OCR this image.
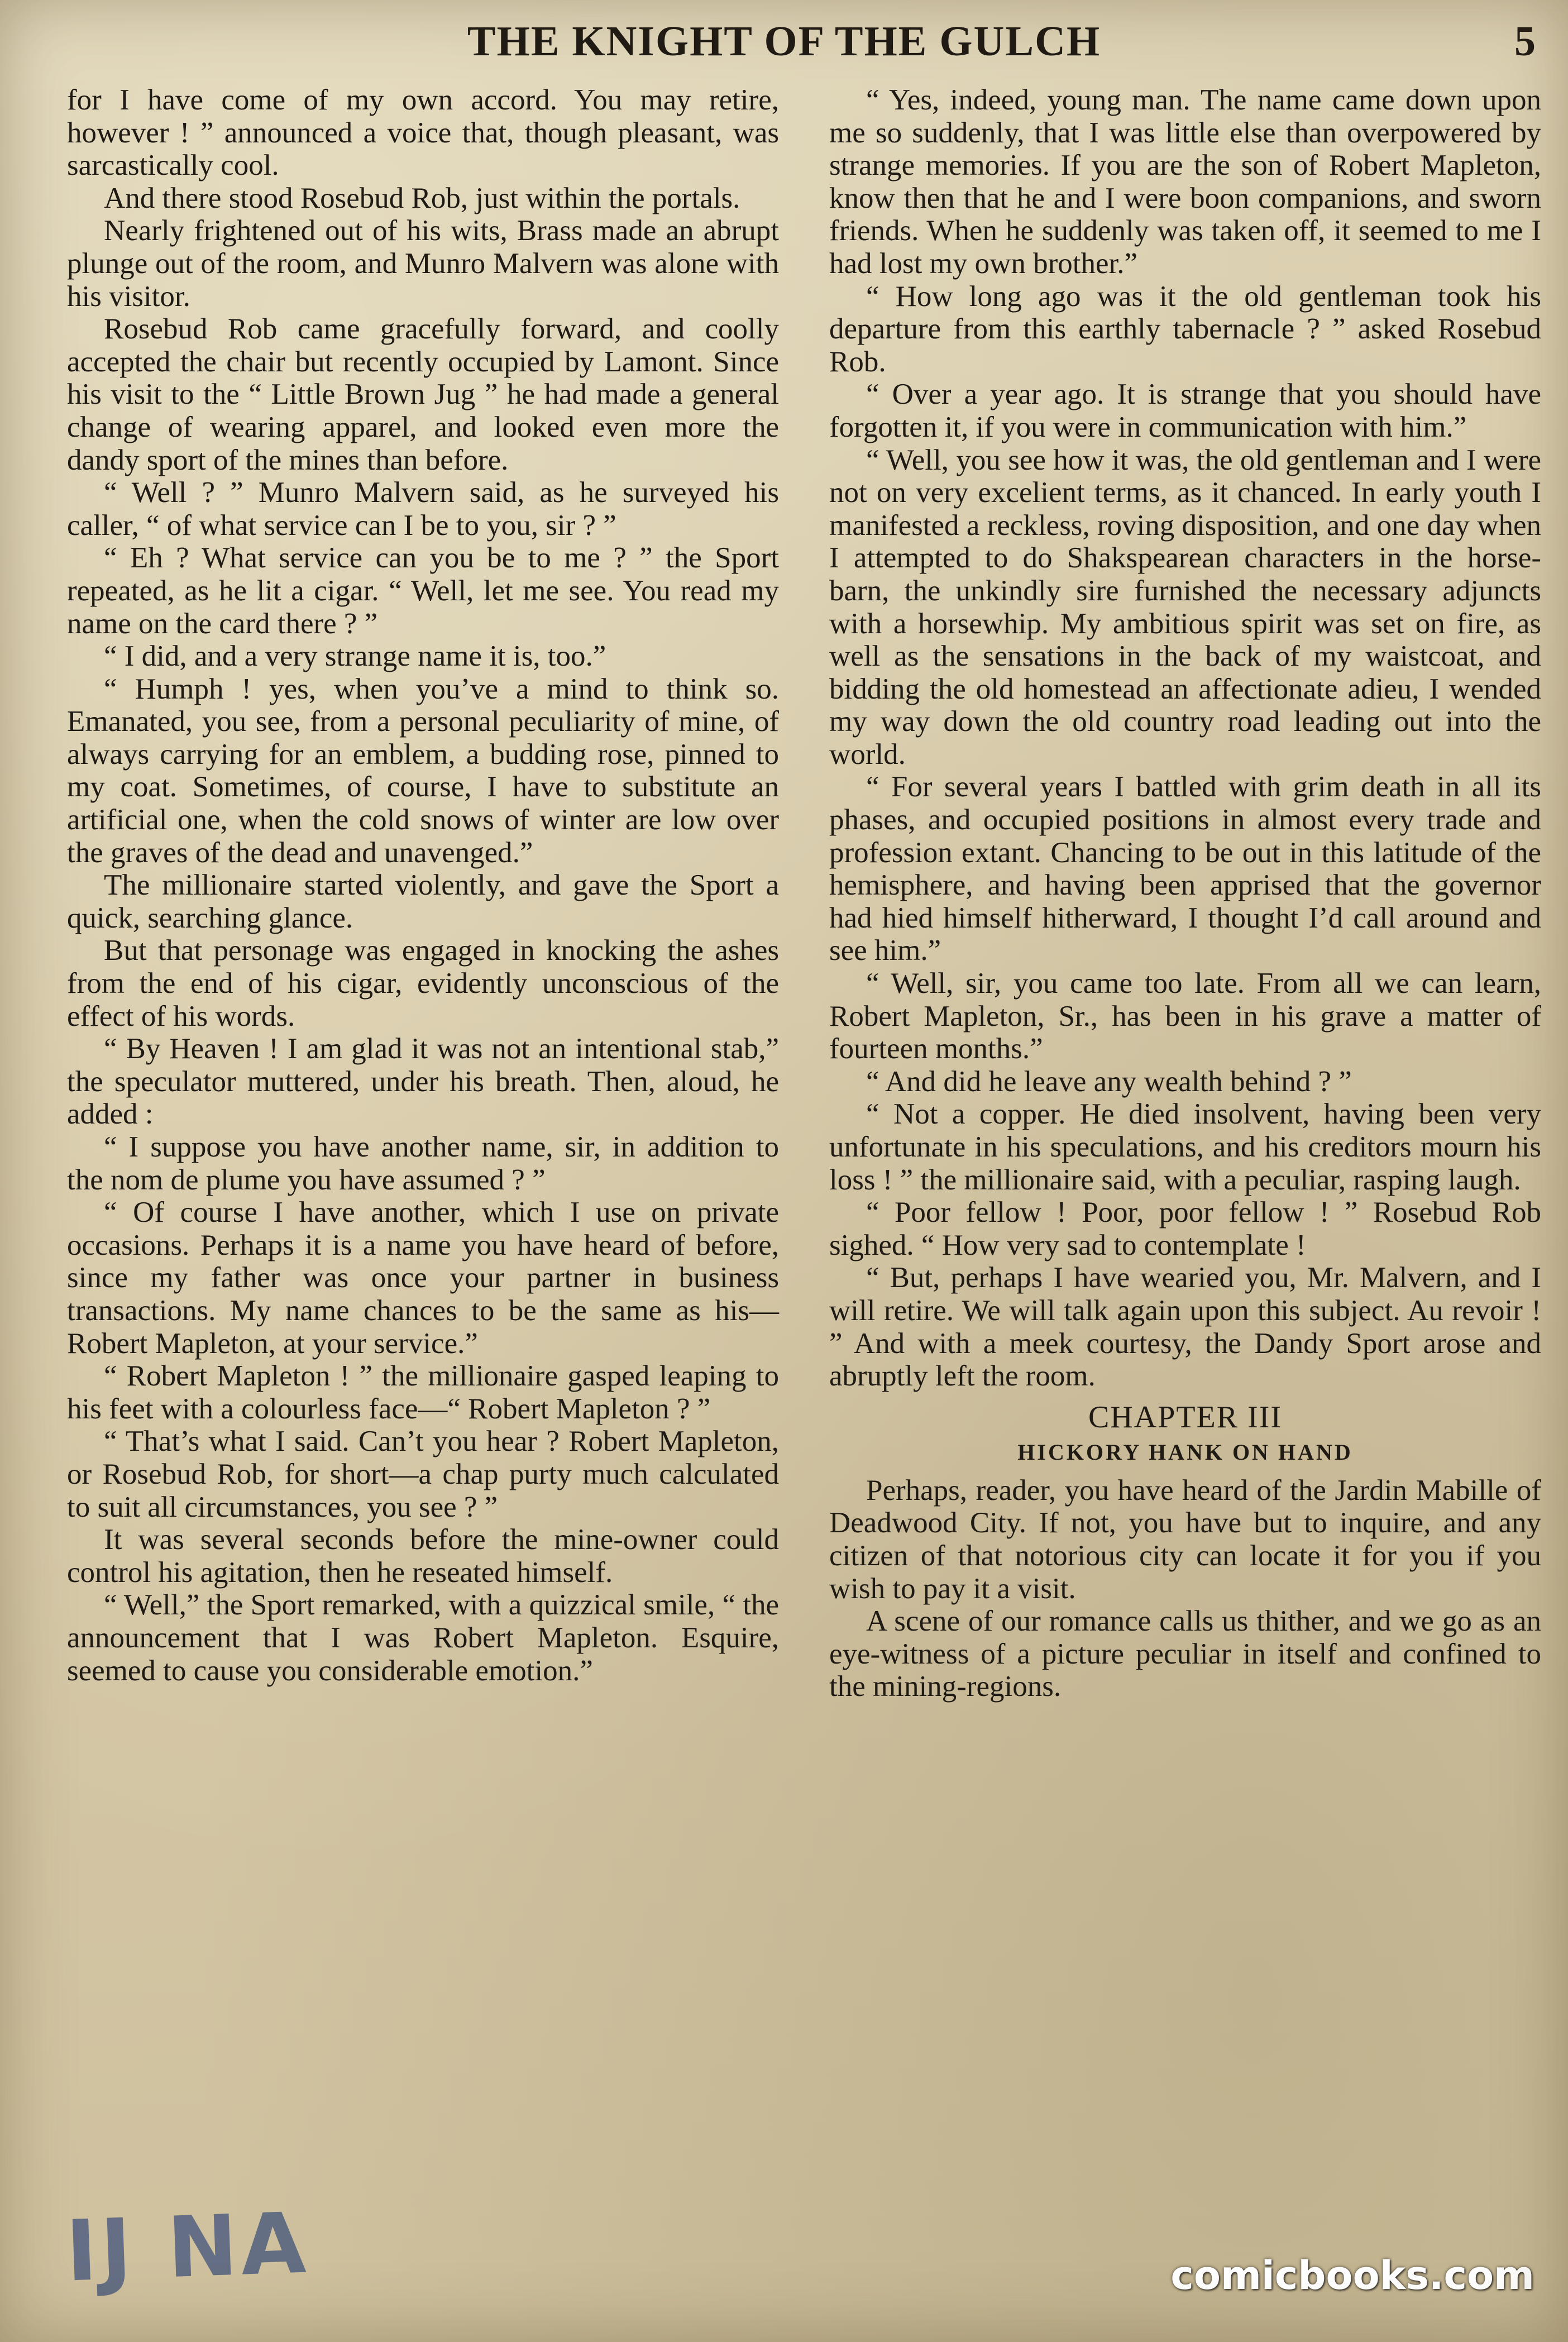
THE KNIGHT OF THE GULCH	5

for I have come of my own accord. You may retire, however ! ” announced a voice that, though pleasant, was sarcastically cool.

And there stood Rosebud Rob, just within the portals.

Nearly frightened out of his wits, Brass made an abrupt plunge out of the room, and Munro Malvern was alone with his visitor.

Rosebud Rob came gracefully forward, and coolly accepted the chair but recently occupied by Lamont. Since his visit to the “ Little Brown Jug ” he had made a general change of wearing apparel, and looked even more the dandy sport of the mines than before.

“ Well ? ” Munro Malvern said, as he surveyed his caller, “ of what service can I be to you, sir ? ”

“ Eh ? What service can you be to me ? ” the Sport repeated, as he lit a cigar. “ Well, let me see. You read my name on the card there ? ”

“ I did, and a very strange name it is, too.”

“ Humph ! yes, when you’ve a mind to think so. Emanated, you see, from a personal peculiarity of mine, of always carrying for an emblem, a budding rose, pinned to my coat. Sometimes, of course, I have to substitute an artificial one, when the cold snows of winter are low over the graves of the dead and unavenged.”

The millionaire started violently, and gave the Sport a quick, searching glance.

But that personage was engaged in knocking the ashes from the end of his cigar, evidently unconscious of the effect of his words.

“ By Heaven ! I am glad it was not an intentional stab,” the speculator muttered, under his breath. Then, aloud, he added :

“ I suppose you have another name, sir, in addition to the nom de plume you have assumed ? ”

“ Of course I have another, which I use on private occasions. Perhaps it is a name you have heard of before, since my father was once your partner in business transactions. My name chances to be the same as his—Robert Mapleton, at your service.”

“ Robert Mapleton ! ” the millionaire gasped leaping to his feet with a colourless face—“ Robert Mapleton ? ”

“ That’s what I said. Can’t you hear ? Robert Mapleton, or Rosebud Rob, for short—a chap purty much calculated to suit all circumstances, you see ? ”

It was several seconds before the mine-owner could control his agitation, then he reseated himself.

“ Well,” the Sport remarked, with a quizzical smile, “ the announcement that I was Robert Mapleton. Esquire, seemed to cause you considerable emotion.”

“ Yes, indeed, young man. The name came down upon me so suddenly, that I was little else than overpowered by strange memories. If you are the son of Robert Mapleton, know then that he and I were boon companions, and sworn friends. When he suddenly was taken off, it seemed to me I had lost my own brother.”

“ How long ago was it the old gentleman took his departure from this earthly tabernacle ? ” asked Rosebud Rob.

“ Over a year ago. It is strange that you should have forgotten it, if you were in communication with him.”

“ Well, you see how it was, the old gentleman and I were not on very excelient terms, as it chanced. In early youth I manifested a reckless, roving disposition, and one day when I attempted to do Shakspearean characters in the horse-barn, the unkindly sire furnished the necessary adjuncts with a horsewhip. My ambitious spirit was set on fire, as well as the sensations in the back of my waistcoat, and bidding the old homestead an affectionate adieu, I wended my way down the old country road leading out into the world.

“ For several years I battled with grim death in all its phases, and occupied positions in almost every trade and profession extant. Chancing to be out in this latitude of the hemisphere, and having been apprised that the governor had hied himself hitherward, I thought I’d call around and see him.”

“ Well, sir, you came too late. From all we can learn, Robert Mapleton, Sr., has been in his grave a matter of fourteen months.”

“ And did he leave any wealth behind ? ”

“ Not a copper. He died insolvent, having been very unfortunate in his speculations, and his creditors mourn his loss ! ” the millionaire said, with a peculiar, rasping laugh.

“ Poor fellow ! Poor, poor fellow ! ” Rosebud Rob sighed. “ How very sad to contemplate !

“ But, perhaps I have wearied you, Mr. Malvern, and I will retire. We will talk again upon this subject. Au revoir ! ” And with a meek courtesy, the Dandy Sport arose and abruptly left the room.

CHAPTER III
HICKORY HANK ON HAND

Perhaps, reader, you have heard of the Jardin Mabille of Deadwood City. If not, you have but to inquire, and any citizen of that notorious city can locate it for you if you wish to pay it a visit.

A scene of our romance calls us thither, and we go as an eye-witness of a picture peculiar in itself and confined to the mining-regions.

IJ NA	comicbooks.com
